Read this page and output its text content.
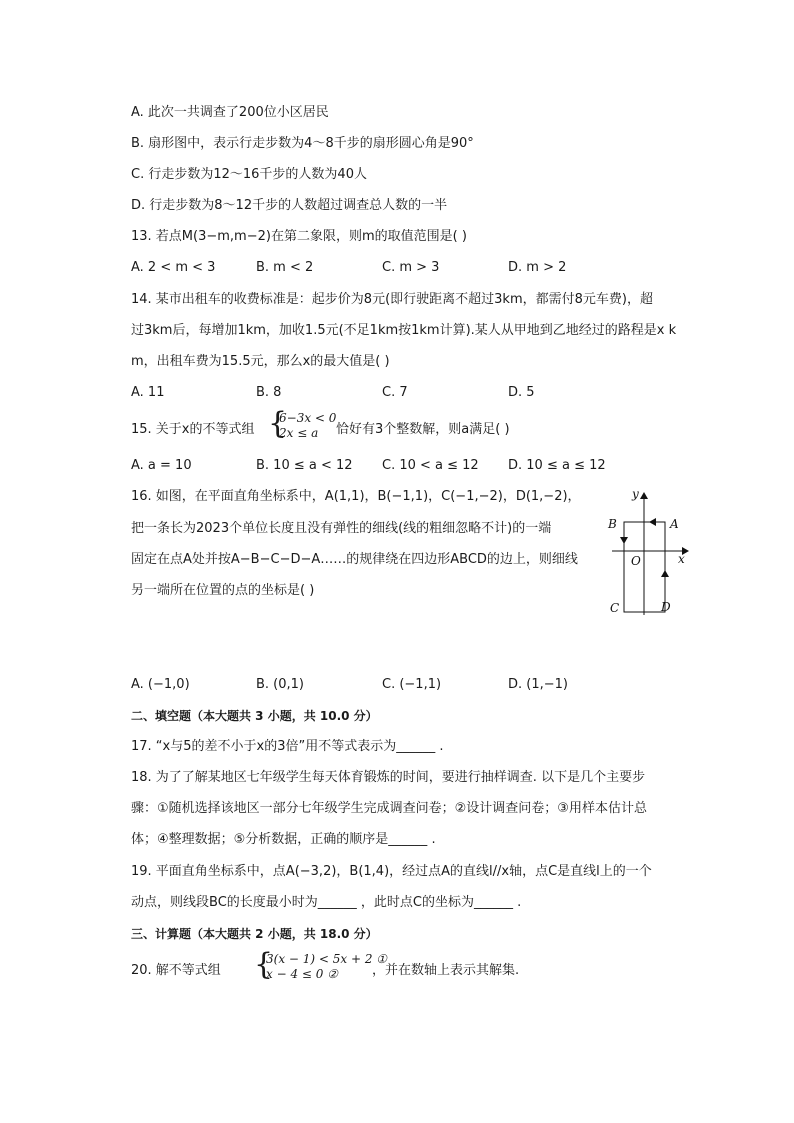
A. 此次一共调查了200位小区居民
B. 扇形图中，表示行走步数为4～8千步的扇形圆心角是90°
C. 行走步数为12～16千步的人数为40人
D. 行走步数为8～12千步的人数超过调查总人数的一半
13. 若点M(3−m,m−2)在第二象限，则m的取值范围是( )
A. 2 < m < 3	B. m < 2	C. m > 3	D. m > 2
14. 某市出租车的收费标准是：起步价为8元(即行驶距离不超过3km，都需付8元车费)，超
过3km后，每增加1km，加收1.5元(不足1km按1km计算).某人从甲地到乙地经过的路程是x k
m，出租车费为15.5元，那么x的最大值是( )
A. 11	B. 8	C. 7	D. 5
15. 关于x的不等式组 {
6−3x < 0
2x ≤ a 恰好有3个整数解，则a满足( )
A. a = 10	B. 10 ≤ a < 12 C. 10 < a ≤ 12 D. 10 ≤ a ≤ 12
16. 如图，在平面直角坐标系中，A(1,1)，B(−1,1)，C(−1,−2)，D(1,−2)，
把一条长为2023个单位长度且没有弹性的细线(线的粗细忽略不计)的一端
固定在点A处并按A−B−C−D−A……的规律绕在四边形ABCD的边上，则细线
另一端所在位置的点的坐标是( )
y
x
O
A
B
C	D
A. (−1,0)	B. (0,1)	C. (−1,1)	D. (1,−1)
二、填空题（本大题共 3 小题，共 10.0 分）
17. “x与5的差不小于x的3倍”用不等式表示为______ .
18. 为了了解某地区七年级学生每天体育锻炼的时间，要进行抽样调查. 以下是几个主要步
骤：①随机选择该地区一部分七年级学生完成调查问卷；②设计调查问卷；③用样本估计总
体；④整理数据；⑤分析数据，正确的顺序是______ .
19. 平面直角坐标系中，点A(−3,2)，B(1,4)，经过点A的直线l//x轴，点C是直线l上的一个
动点，则线段BC的长度最小时为______ ，此时点C的坐标为______ .
三、计算题（本大题共 2 小题，共 18.0 分）
20. 解不等式组 {
3(x − 1) < 5x + 2 ①
x − 4 ≤ 0 ②	，并在数轴上表示其解集.
